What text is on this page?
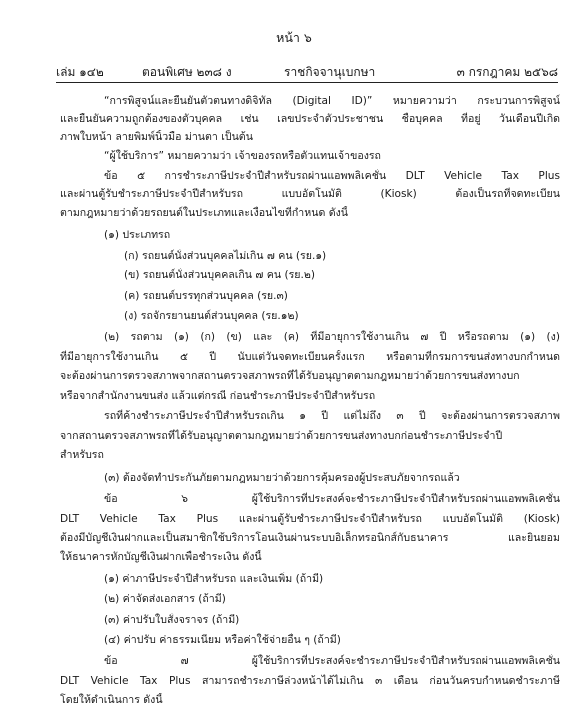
หน้า ๖
เล่ม ๑๔๒	ตอนพิเศษ ๒๓๘ ง	ราชกิจจานุเบกษา	๓ กรกฎาคม ๒๕๖๘
“การพิสูจน์และยืนยันตัวตนทางดิจิทัล (Digital ID)” หมายความว่า กระบวนการพิสูจน์
และยืนยันความถูกต้องของตัวบุคคล เช่น เลขประจำตัวประชาชน ชื่อบุคคล ที่อยู่ วันเดือนปีเกิด
ภาพใบหน้า ลายพิมพ์นิ้วมือ ม่านตา เป็นต้น
“ผู้ใช้บริการ” หมายความว่า เจ้าของรถหรือตัวแทนเจ้าของรถ
ข้อ ๕ การชำระภาษีประจำปีสำหรับรถผ่านแอพพลิเคชั่น DLT Vehicle Tax Plus
และผ่านตู้รับชำระภาษีประจำปีสำหรับรถ แบบอัตโนมัติ (Kiosk) ต้องเป็นรถที่จดทะเบียน
ตามกฎหมายว่าด้วยรถยนต์ในประเภทและเงื่อนไขที่กำหนด ดังนี้
(๑) ประเภทรถ
(ก) รถยนต์นั่งส่วนบุคคลไม่เกิน ๗ คน (รย.๑)
(ข) รถยนต์นั่งส่วนบุคคลเกิน ๗ คน (รย.๒)
(ค) รถยนต์บรรทุกส่วนบุคคล (รย.๓)
(ง) รถจักรยานยนต์ส่วนบุคคล (รย.๑๒)
(๒) รถตาม (๑) (ก) (ข) และ (ค) ที่มีอายุการใช้งานเกิน ๗ ปี หรือรถตาม (๑) (ง)
ที่มีอายุการใช้งานเกิน ๕ ปี นับแต่วันจดทะเบียนครั้งแรก หรือตามที่กรมการขนส่งทางบกกำหนด
จะต้องผ่านการตรวจสภาพจากสถานตรวจสภาพรถที่ได้รับอนุญาตตามกฎหมายว่าด้วยการขนส่งทางบก
หรือจากสำนักงานขนส่ง แล้วแต่กรณี ก่อนชำระภาษีประจำปีสำหรับรถ
รถที่ค้างชำระภาษีประจำปีสำหรับรถเกิน ๑ ปี แต่ไม่ถึง ๓ ปี จะต้องผ่านการตรวจสภาพ
จากสถานตรวจสภาพรถที่ได้รับอนุญาตตามกฎหมายว่าด้วยการขนส่งทางบกก่อนชำระภาษีประจำปี
สำหรับรถ
(๓) ต้องจัดทำประกันภัยตามกฎหมายว่าด้วยการคุ้มครองผู้ประสบภัยจากรถแล้ว
ข้อ ๖ ผู้ใช้บริการที่ประสงค์จะชำระภาษีประจำปีสำหรับรถผ่านแอพพลิเคชั่น
DLT Vehicle Tax Plus และผ่านตู้รับชำระภาษีประจำปีสำหรับรถ แบบอัตโนมัติ (Kiosk)
ต้องมีบัญชีเงินฝากและเป็นสมาชิกใช้บริการโอนเงินผ่านระบบอิเล็กทรอนิกส์กับธนาคาร และยินยอม
ให้ธนาคารหักบัญชีเงินฝากเพื่อชำระเงิน ดังนี้
(๑) ค่าภาษีประจำปีสำหรับรถ และเงินเพิ่ม (ถ้ามี)
(๒) ค่าจัดส่งเอกสาร (ถ้ามี)
(๓) ค่าปรับใบสั่งจราจร (ถ้ามี)
(๔) ค่าปรับ ค่าธรรมเนียม หรือค่าใช้จ่ายอื่น ๆ (ถ้ามี)
ข้อ ๗ ผู้ใช้บริการที่ประสงค์จะชำระภาษีประจำปีสำหรับรถผ่านแอพพลิเคชั่น
DLT Vehicle Tax Plus สามารถชำระภาษีล่วงหน้าได้ไม่เกิน ๓ เดือน ก่อนวันครบกำหนดชำระภาษี
โดยให้ดำเนินการ ดังนี้
